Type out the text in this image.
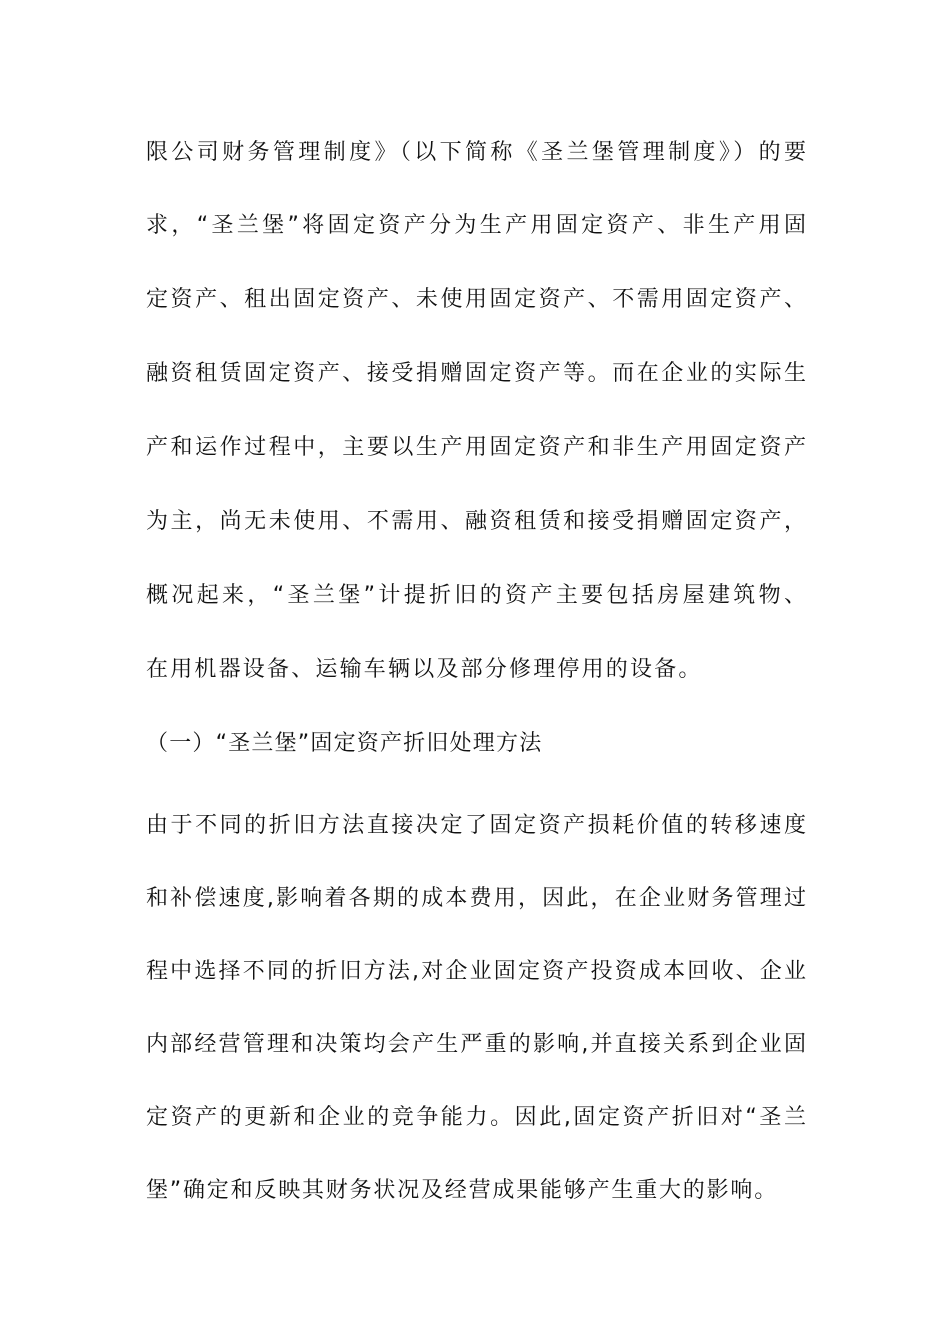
限公司财务管理制度》（以下简称《圣兰堡管理制度》）的要
求，“圣兰堡”将固定资产分为生产用固定资产、非生产用固
定资产、租出固定资产、未使用固定资产、不需用固定资产、
融资租赁固定资产、接受捐赠固定资产等。而在企业的实际生
产和运作过程中，主要以生产用固定资产和非生产用固定资产
为主，尚无未使用、不需用、融资租赁和接受捐赠固定资产，
概况起来，“圣兰堡”计提折旧的资产主要包括房屋建筑物、
在用机器设备、运输车辆以及部分修理停用的设备。
（一）“圣兰堡”固定资产折旧处理方法
由于不同的折旧方法直接决定了固定资产损耗价值的转移速度
和补偿速度,影响着各期的成本费用，因此，在企业财务管理过
程中选择不同的折旧方法,对企业固定资产投资成本回收、企业
内部经营管理和决策均会产生严重的影响,并直接关系到企业固
定资产的更新和企业的竞争能力。因此,固定资产折旧对“圣兰
堡”确定和反映其财务状况及经营成果能够产生重大的影响。
